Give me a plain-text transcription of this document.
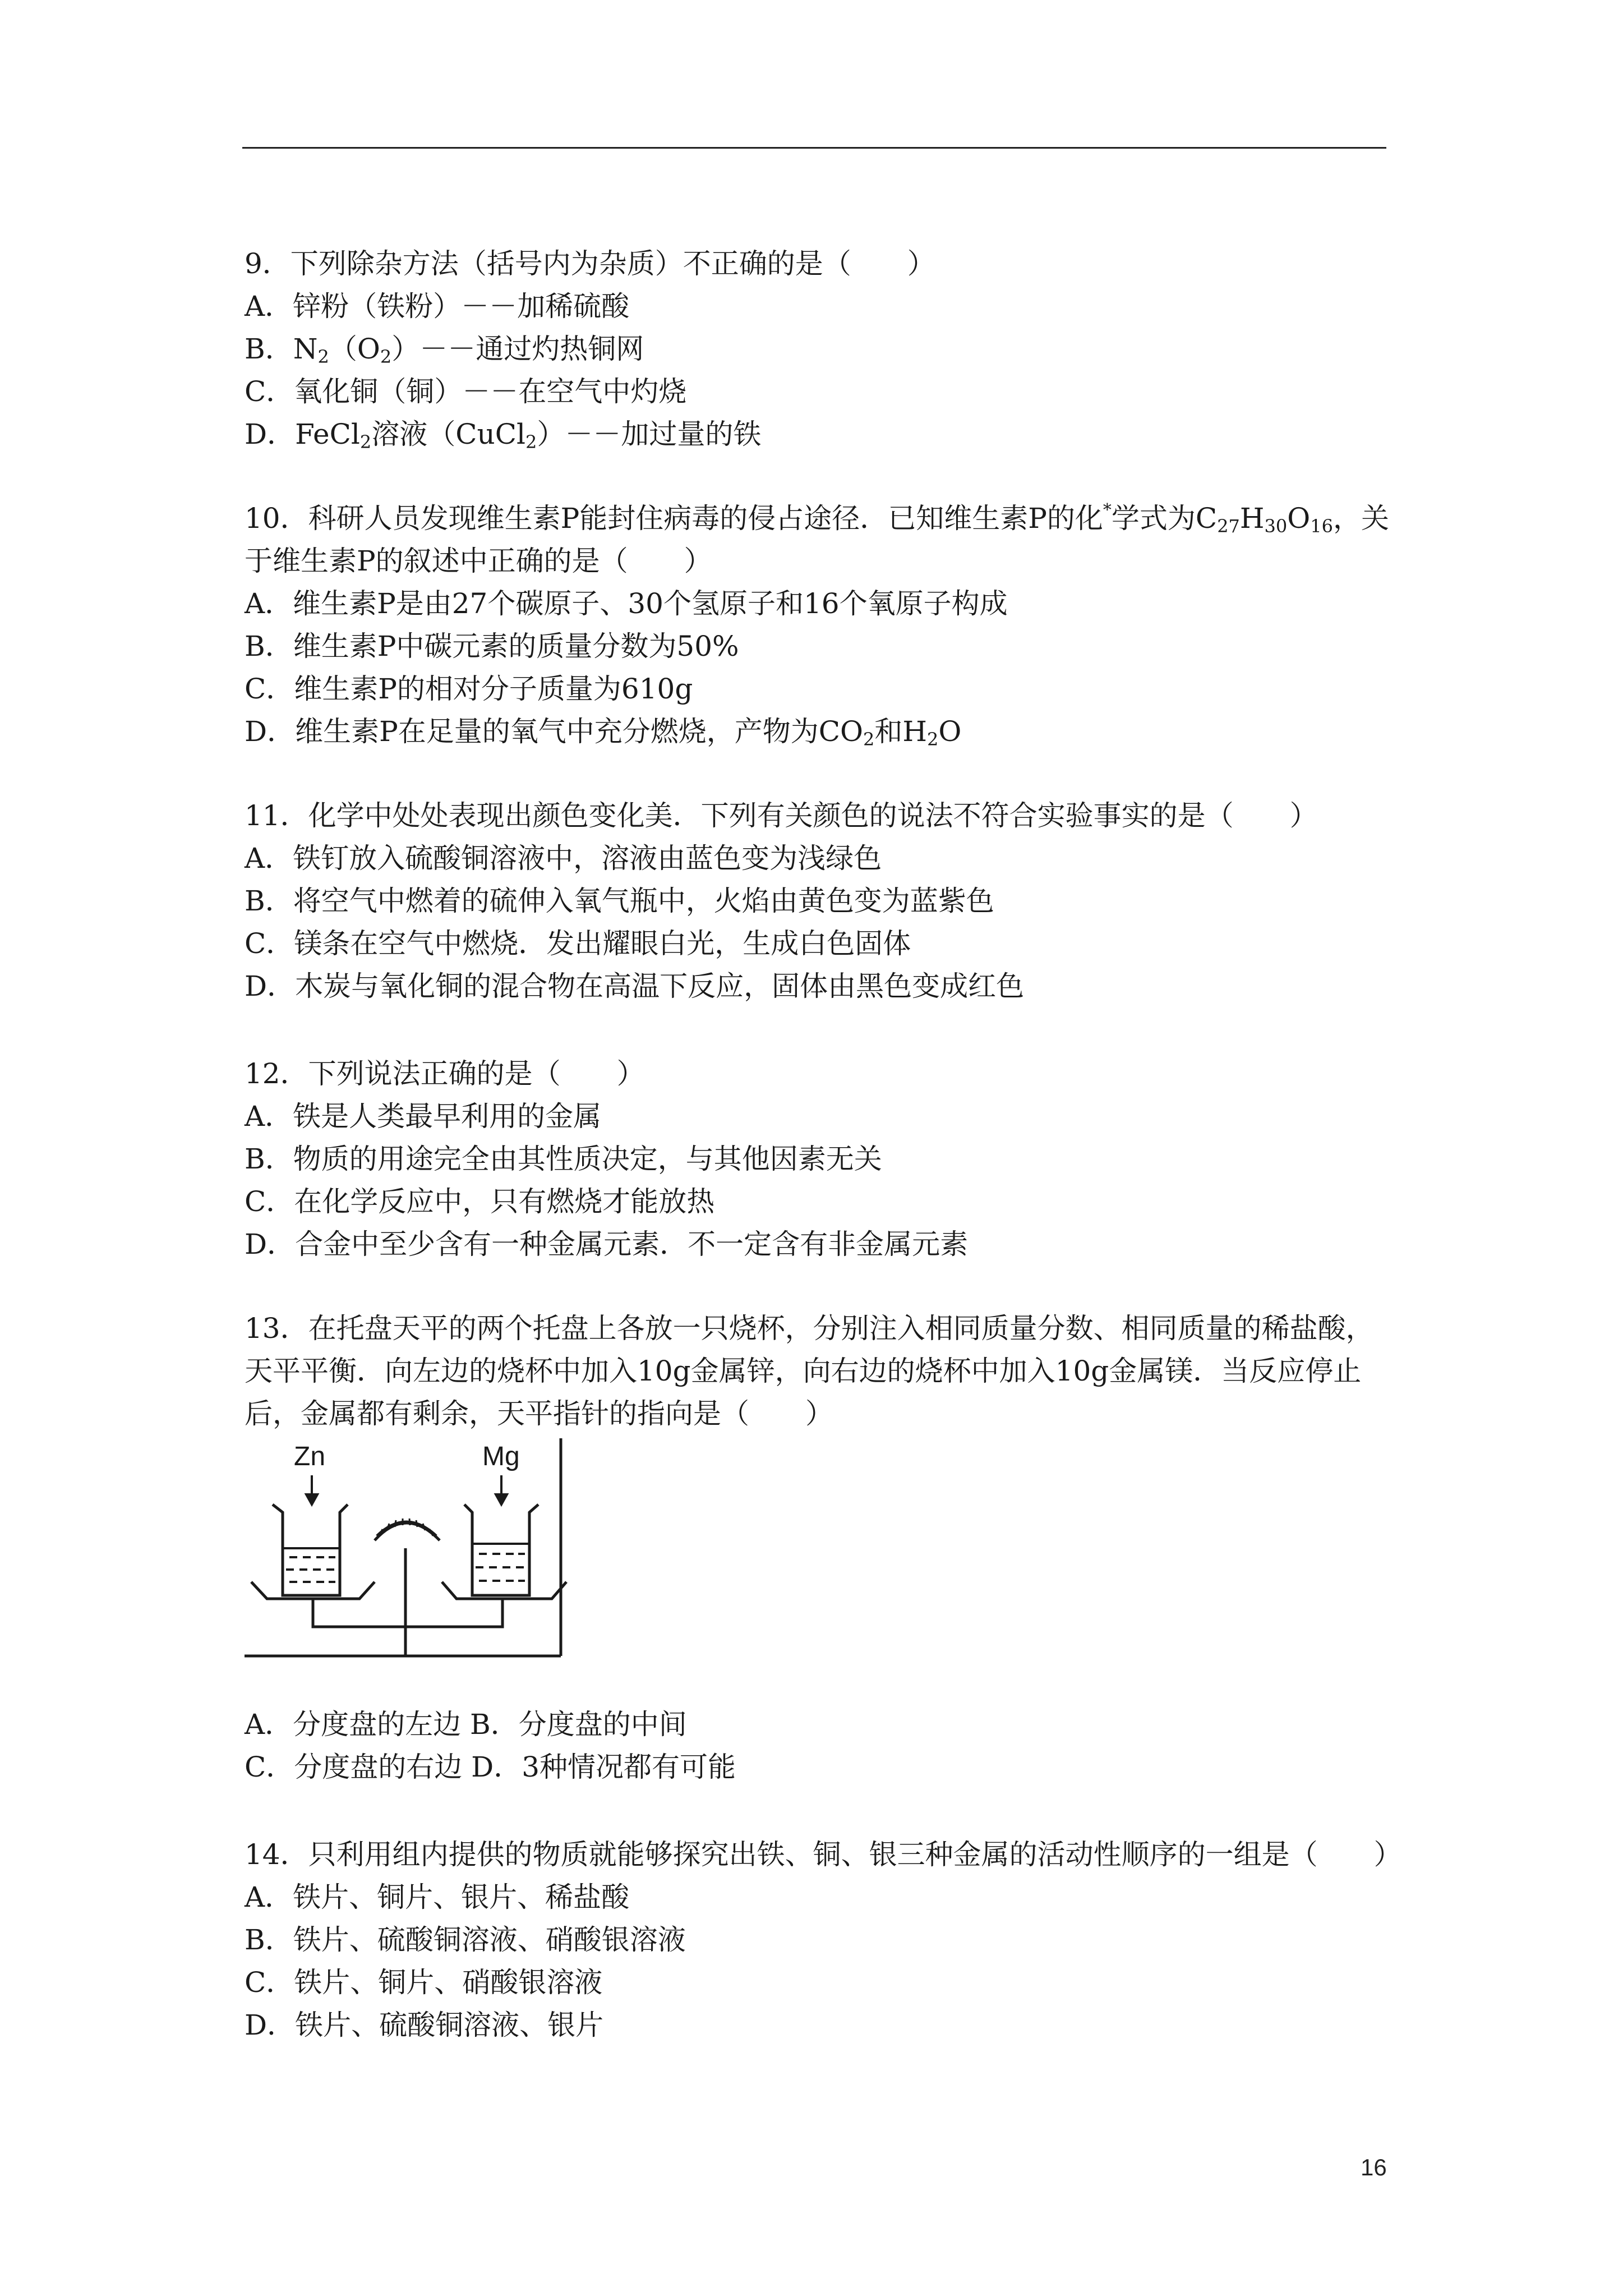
9．下列除杂方法（括号内为杂质）不正确的是（　　）
A．锌粉（铁粉）－－加稀硫酸
B．$N_2(O_2)--$通过灼热铜网
C．氧化铜（铜）－－在空气中灼烧
D．FeCl$_2$溶液（CuCl$_2$）－－加过量的铁
10．科研人员发现维生素P能封住病毒的侵占途径．已知维生素P的化*学式为$C_{27}H_{30}O_{16}$，关
于维生素P的叙述中正确的是（　　）
A．维生素P是由27个碳原子、30个氢原子和16个氧原子构成
B．维生素P中碳元素的质量分数为50%
C．维生素P的相对分子质量为610g
D．维生素P在足量的氧气中充分燃烧，产物为$CO_2$和$H_2O$
11．化学中处处表现出颜色变化美．下列有关颜色的说法不符合实验事实的是（　　）
A．铁钉放入硫酸铜溶液中，溶液由蓝色变为浅绿色
B．将空气中燃着的硫伸入氧气瓶中，火焰由黄色变为蓝紫色
C．镁条在空气中燃烧．发出耀眼白光，生成白色固体
D．木炭与氧化铜的混合物在高温下反应，固体由黑色变成红色
12．下列说法正确的是（　　）
A．铁是人类最早利用的金属
B．物质的用途完全由其性质决定，与其他因素无关
C．在化学反应中，只有燃烧才能放热
D．合金中至少含有一种金属元素．不一定含有非金属元素
13．在托盘天平的两个托盘上各放一只烧杯，分别注入相同质量分数、相同质量的稀盐酸，
天平平衡．向左边的烧杯中加入10g金属锌，向右边的烧杯中加入10g金属镁．当反应停止
后，金属都有剩余，天平指针的指向是（　　）
Zn	Mg
A．分度盘的左边 B．分度盘的中间
C．分度盘的右边 D．3种情况都有可能
14．只利用组内提供的物质就能够探究出铁、铜、银三种金属的活动性顺序的一组是（　　）
A．铁片、铜片、银片、稀盐酸
B．铁片、硫酸铜溶液、硝酸银溶液
C．铁片、铜片、硝酸银溶液
D．铁片、硫酸铜溶液、银片
16
